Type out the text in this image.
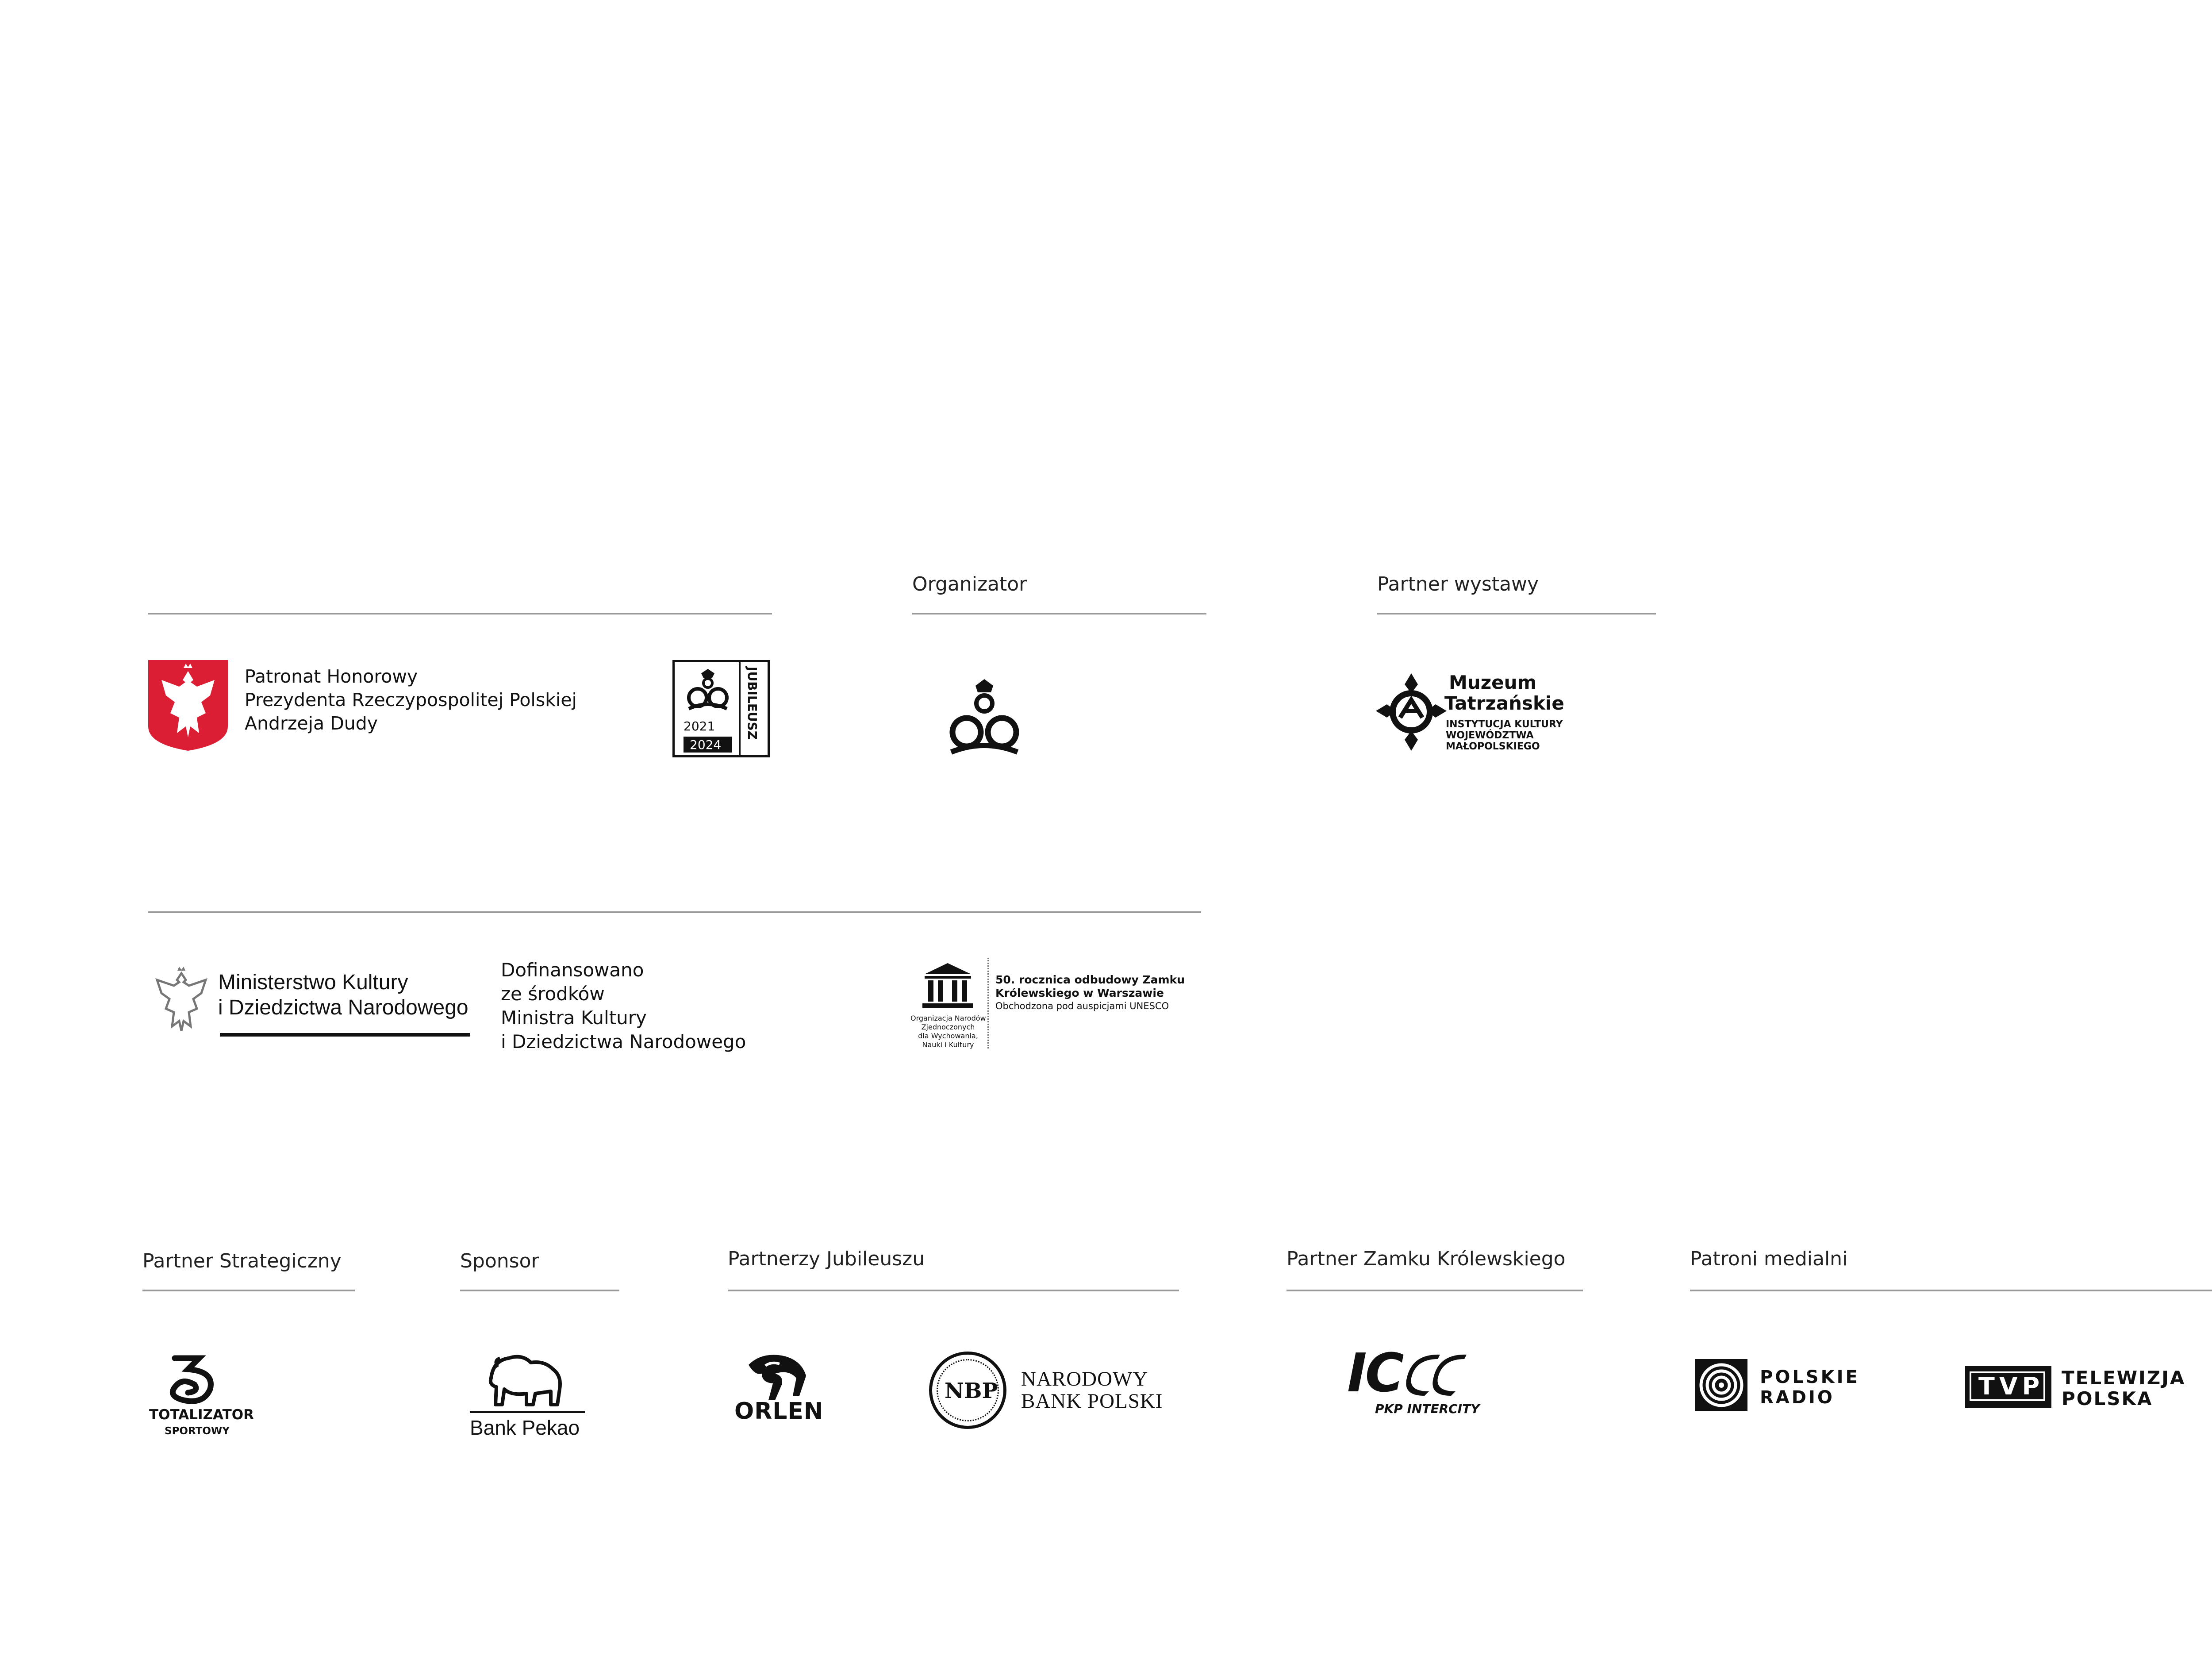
Organizator	Partner wystawy
Patronat Honorowy
Prezydenta Rzeczypospolitej Polskiej
Andrzeja Dudy	2021
2024
JUBILEUSZ	Muzeum
Tatrzańskie
INSTYTUCJA KULTURY
WOJEWÓDZTWA
MAŁOPOLSKIEGO
Ministerstwo Kultury
i Dziedzictwa Narodowego
Dofinansowano
ze środków
Ministra Kultury
i Dziedzictwa Narodowego
Organizacja Narodów
Zjednoczonych
dla Wychowania,
Nauki i Kultury
50. rocznica odbudowy Zamku
Królewskiego w Warszawie
Obchodzona pod auspicjami UNESCO
Partner Strategiczny	Sponsor	Partnerzy Jubileuszu	Partner Zamku Królewskiego	Patroni medialni
TOTALIZATOR
SPORTOWY	Bank Pekao
ORLEN
NBP NARODOWY
BANK POLSKI	IC
PKP INTERCITY
POLSKIE
RADIO	TVP TELEWIZJA
POLSKA
